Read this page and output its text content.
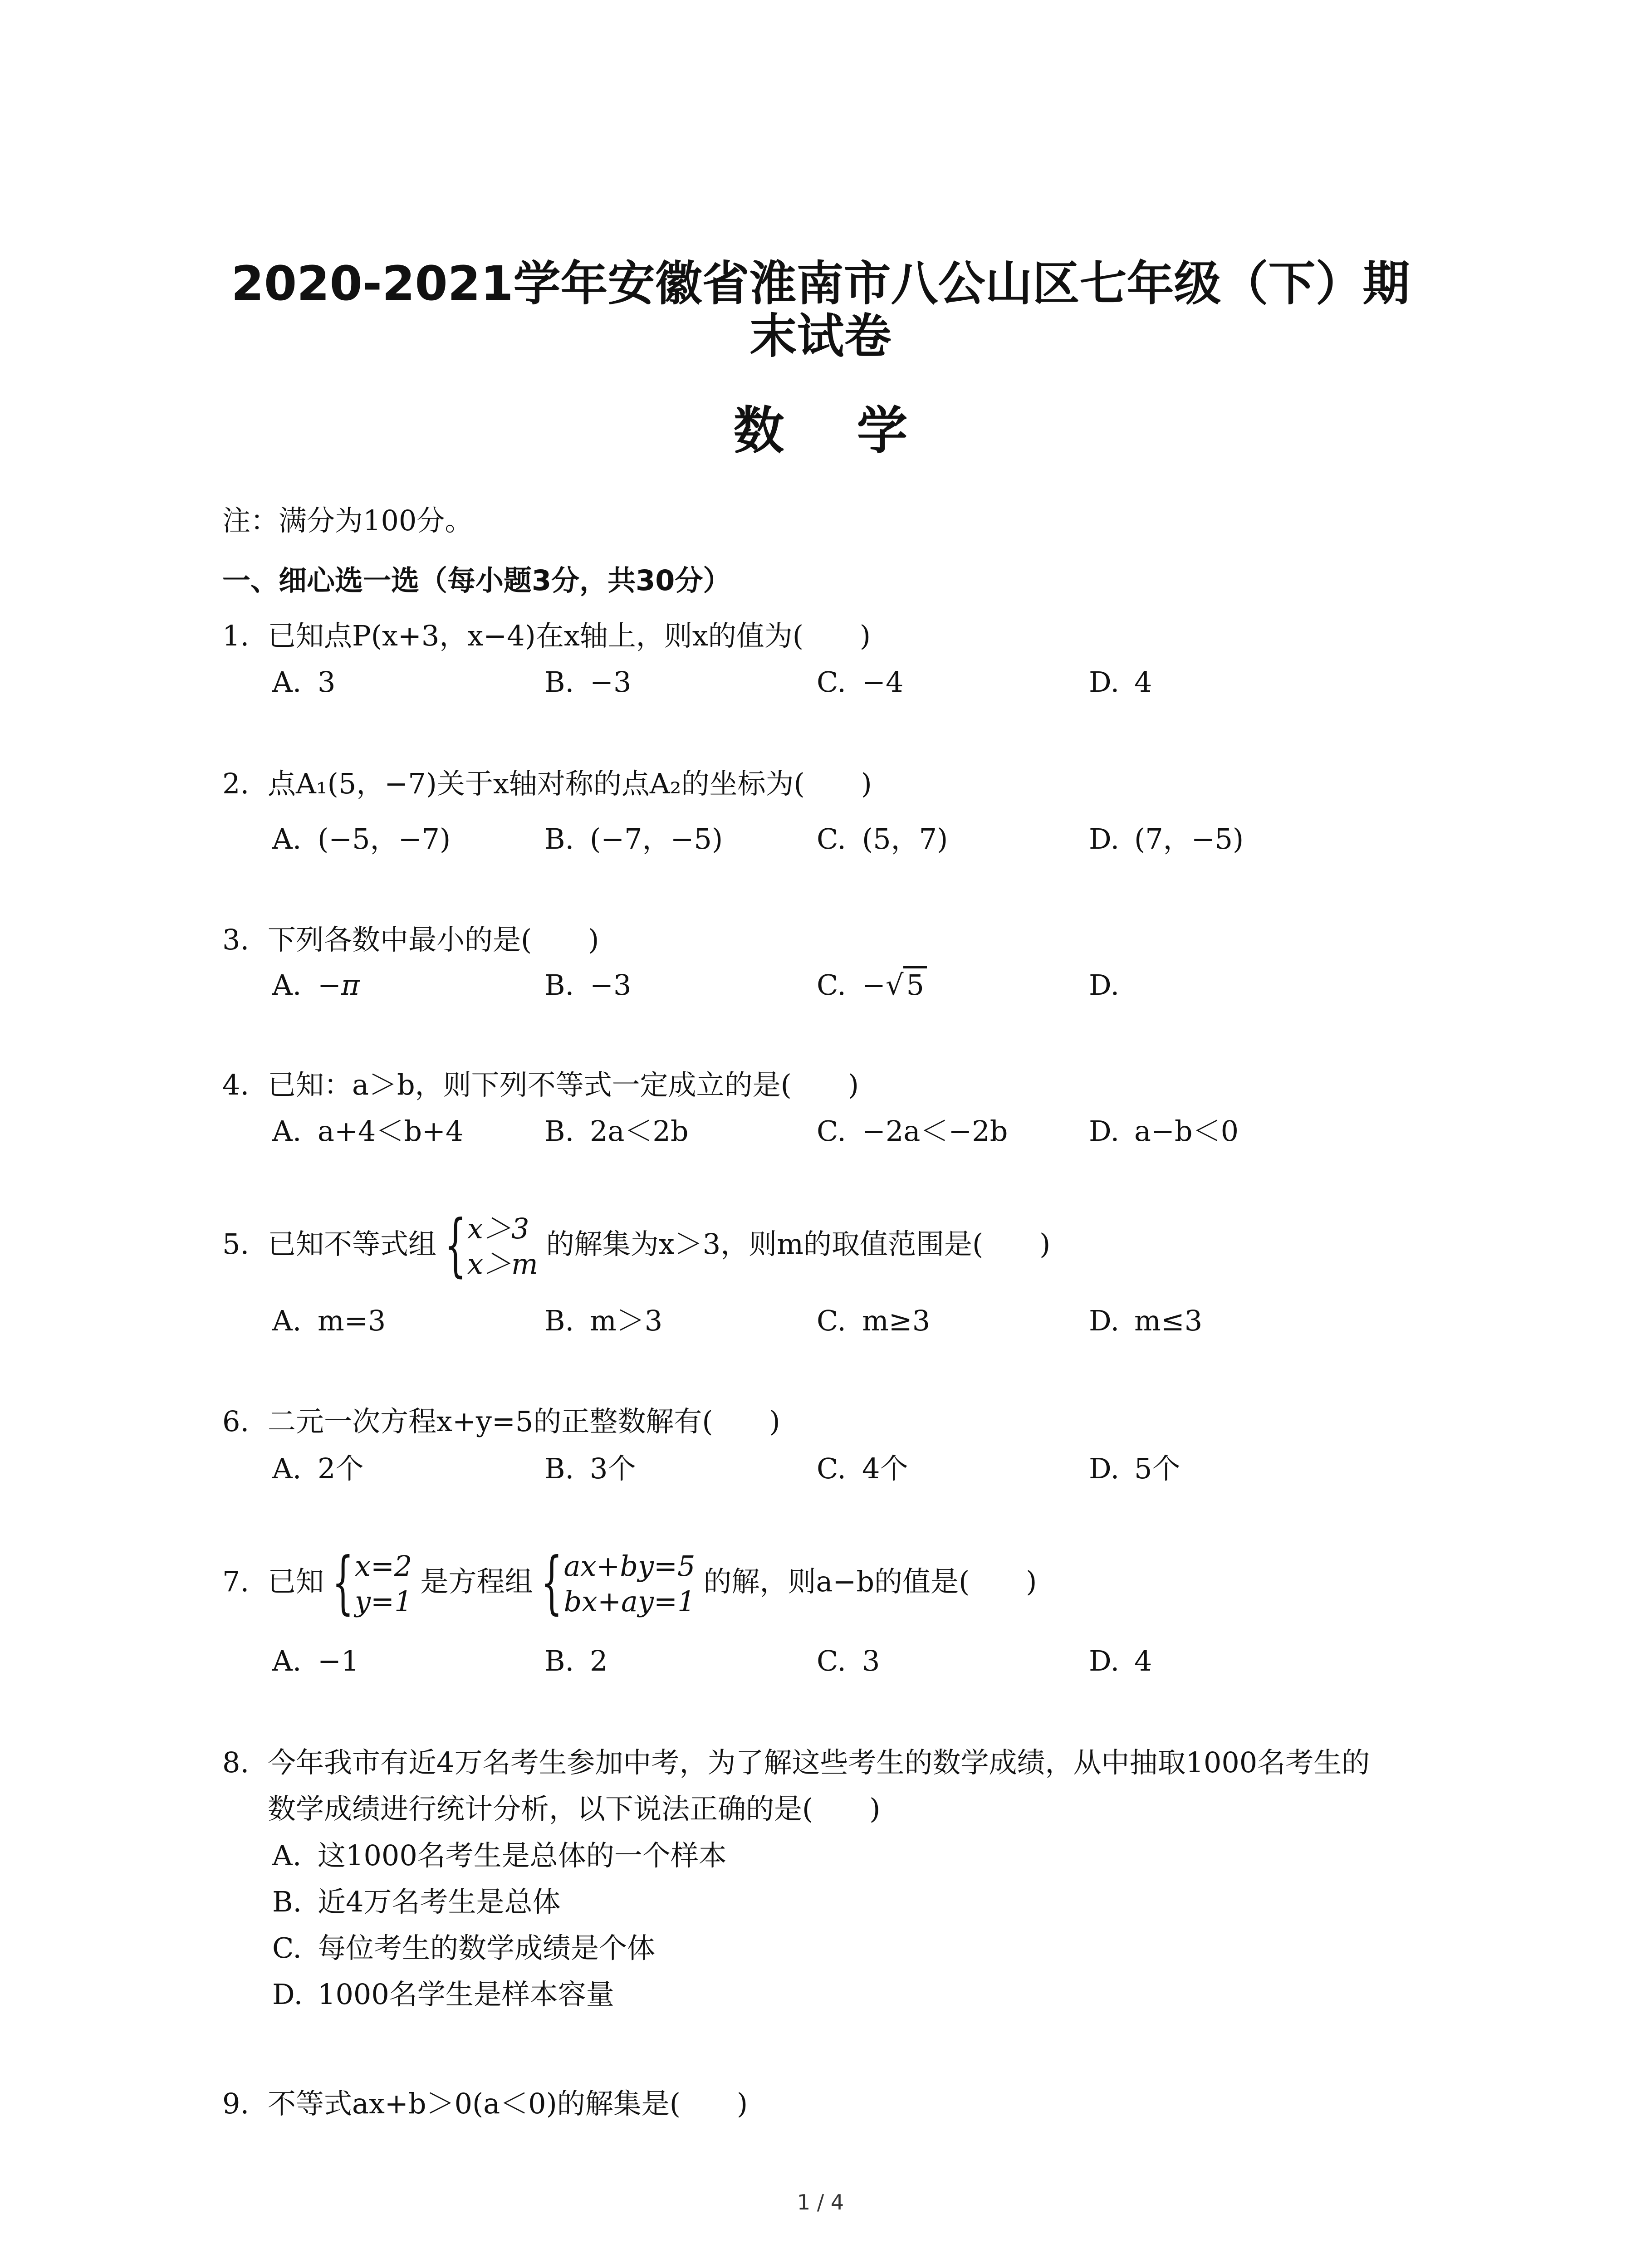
2020-2021学年安徽省淮南市八公山区七年级（下）期
末试卷
数学
注：满分为100分。
一、细心选一选（每小题3分，共30分）
1. 已知点P(x+3，x−4)在x轴上，则x的值为(　　)
A. 3	B. −3	C. −4	D. 4
2. 点A₁(5，−7)关于x轴对称的点A₂的坐标为(　　)
A. (−5，−7)	B. (−7，−5)	C. (5，7)	D. (7，−5)
3. 下列各数中最小的是(　　)
A. −π	B. −3	C. −√5	D.
4. 已知：a＞b，则下列不等式一定成立的是(　　)
A. a+4＜b+4	B. 2a＜2b	C. −2a＜−2b	D. a−b＜0
5. 已知不等式组 { x＞3
x＞m
的解集为x＞3，则m的取值范围是(　　)
A. m=3	B. m＞3	C. m≥3	D. m≤3
6. 二元一次方程x+y=5的正整数解有(　　)
A. 2个	B. 3个	C. 4个	D. 5个
7. 已知 { x=2
y=1
是方程组 { ax+by=5
bx+ay=1
的解，则a−b的值是(　　)
A. −1	B. 2	C. 3	D. 4
8. 今年我市有近4万名考生参加中考，为了解这些考生的数学成绩，从中抽取1000名考生的
数学成绩进行统计分析，以下说法正确的是(　　)
A. 这1000名考生是总体的一个样本
B. 近4万名考生是总体
C. 每位考生的数学成绩是个体
D. 1000名学生是样本容量
9. 不等式ax+b＞0(a＜0)的解集是(　　)
1 / 4
